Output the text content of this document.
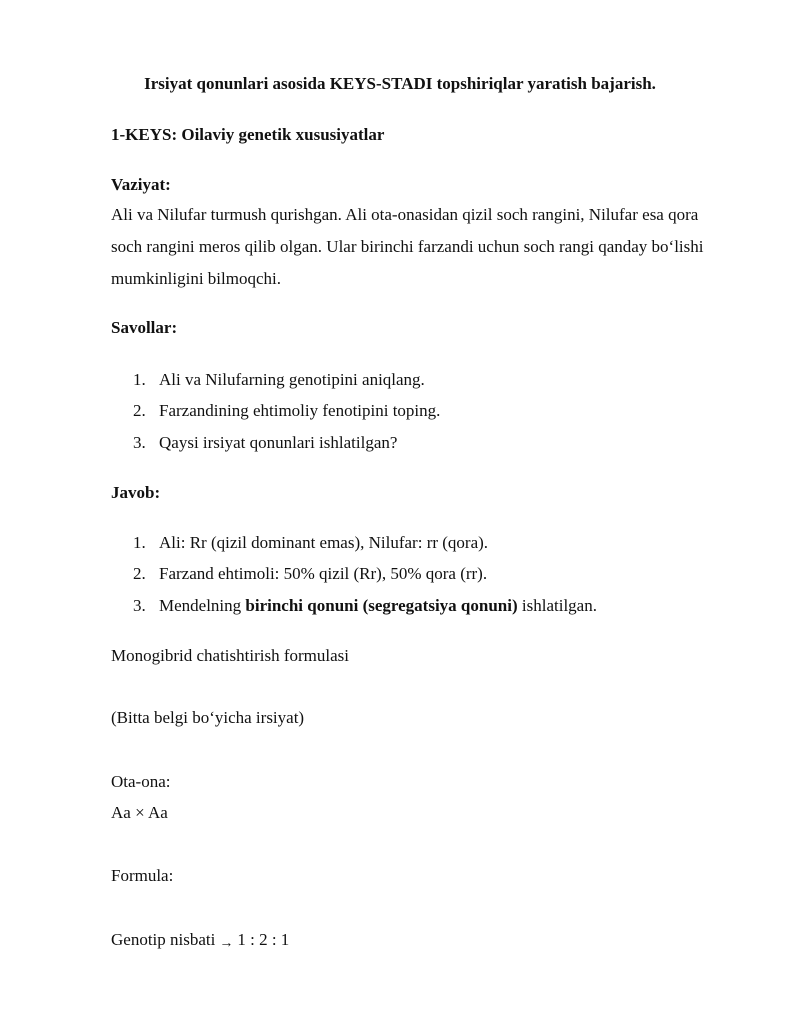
Irsiyat qonunlari asosida KEYS-STADI topshiriqlar yaratish bajarish.
1-KEYS: Oilaviy genetik xususiyatlar
Vaziyat:

Ali va Nilufar turmush qurishgan. Ali ota-onasidan qizil soch rangini, Nilufar esa qora

soch rangini meros qilib olgan. Ular birinchi farzandi uchun soch rangi qanday bo‘lishi

mumkinligini bilmoqchi.

Savollar:
1. Ali va Nilufarning genotipini aniqlang.
2. Farzandining ehtimoliy fenotipini toping.
3. Qaysi irsiyat qonunlari ishlatilgan?
Javob:
1. Ali: Rr (qizil dominant emas), Nilufar: rr (qora).
2. Farzand ehtimoli: 50% qizil (Rr), 50% qora (rr).
3. Mendelning birinchi qonuni (segregatsiya qonuni) ishlatilgan.
Monogibrid chatishtirish formulasi
(Bitta belgi bo‘yicha irsiyat)
Ota-ona:
Aa × Aa
Formula:
Genotip nisbati → 1 : 2 : 1
